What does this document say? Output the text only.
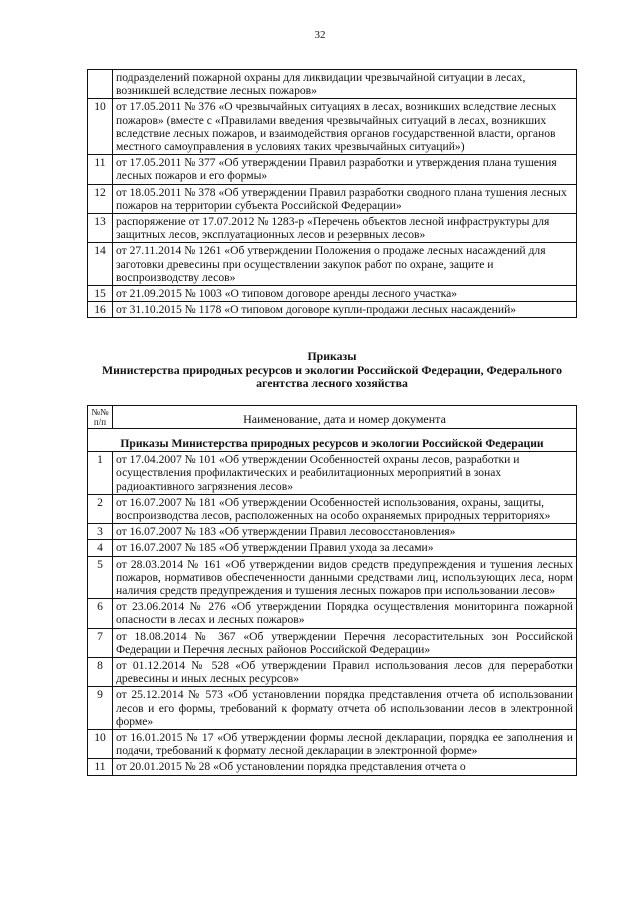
32
	подразделений пожарной охраны для ликвидации чрезвычайной ситуации в лесах, возникшей вследствие лесных пожаров»
10	от 17.05.2011 № 376 «О чрезвычайных ситуациях в лесах, возникших вследствие лесных пожаров» (вместе с «Правилами введения чрезвычайных ситуаций в лесах, возникших вследствие лесных пожаров, и взаимодействия органов государственной власти, органов местного самоуправления в условиях таких чрезвычайных ситуаций»)
11	от 17.05.2011 № 377 «Об утверждении Правил разработки и утверждения плана тушения лесных пожаров и его формы»
12	от 18.05.2011 № 378 «Об утверждении Правил разработки сводного плана тушения лесных пожаров на территории субъекта Российской Федерации»
13	распоряжение от 17.07.2012 № 1283-р «Перечень объектов лесной инфраструктуры для защитных лесов, эксплуатационных лесов и резервных лесов»
14	от 27.11.2014 № 1261 «Об утверждении Положения о продаже лесных насаждений для заготовки древесины при осуществлении закупок работ по охране, защите и воспроизводству лесов»
15	от 21.09.2015 № 1003 «О типовом договоре аренды лесного участка»
16	от 31.10.2015 № 1178 «О типовом договоре купли-продажи лесных насаждений»
Приказы
Министерства природных ресурсов и экологии Российской Федерации, Федерального
агентства лесного хозяйства
№№ п/п	Наименование, дата и номер документа
Приказы Министерства природных ресурсов и экологии Российской Федерации	
1	от 17.04.2007 № 101 «Об утверждении Особенностей охраны лесов, разработки и осуществления профилактических и реабилитационных мероприятий в зонах радиоактивного загрязнения лесов»
2	от 16.07.2007 № 181 «Об утверждении Особенностей использования, охраны, защиты, воспроизводства лесов, расположенных на особо охраняемых природных территориях»
3	от 16.07.2007 № 183 «Об утверждении Правил лесовосстановления»
4	от 16.07.2007 № 185 «Об утверждении Правил ухода за лесами»
5	от 28.03.2014 № 161 «Об утверждении видов средств предупреждения и тушения лесных пожаров, нормативов обеспеченности данными средствами лиц, использующих леса, норм наличия средств предупреждения и тушения лесных пожаров при использовании лесов»
6	от 23.06.2014 № 276 «Об утверждении Порядка осуществления мониторинга пожарной опасности в лесах и лесных пожаров»
7	от 18.08.2014 № 367 «Об утверждении Перечня лесорастительных зон Российской Федерации и Перечня лесных районов Российской Федерации»
8	от 01.12.2014 № 528 «Об утверждении Правил использования лесов для переработки древесины и иных лесных ресурсов»
9	от 25.12.2014 № 573 «Об установлении порядка представления отчета об использовании лесов и его формы, требований к формату отчета об использовании лесов в электронной форме»
10	от 16.01.2015 № 17 «Об утверждении формы лесной декларации, порядка ее заполнения и подачи, требований к формату лесной декларации в электронной форме»
11	от 20.01.2015 № 28 «Об установлении порядка представления отчета о
